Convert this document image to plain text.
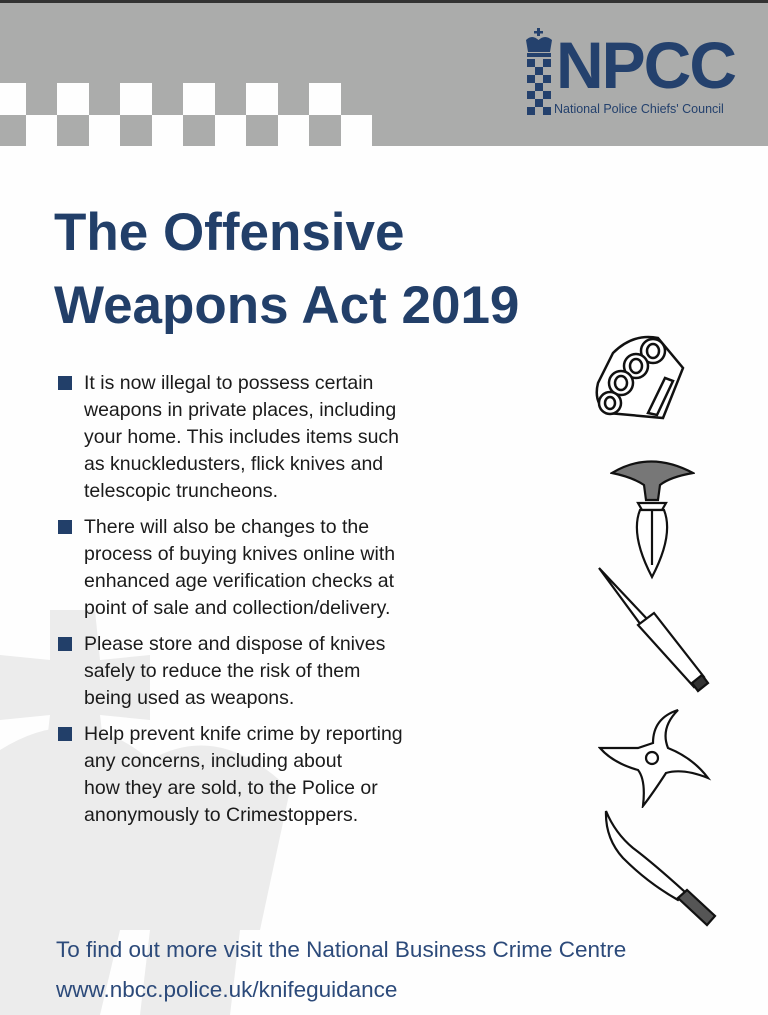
NPCC
National Police Chiefs' Council
The Offensive
Weapons Act 2019
It is now illegal to possess certain
weapons in private places, including
your home. This includes items such
as knuckledusters, flick knives and
telescopic truncheons.
There will also be changes to the
process of buying knives online with
enhanced age verification checks at
point of sale and collection/delivery.
Please store and dispose of knives
safely to reduce the risk of them
being used as weapons.
Help prevent knife crime by reporting
any concerns, including about
how they are sold, to the Police or
anonymously to Crimestoppers.
To find out more visit the National Business Crime Centre
www.nbcc.police.uk/knifeguidance
